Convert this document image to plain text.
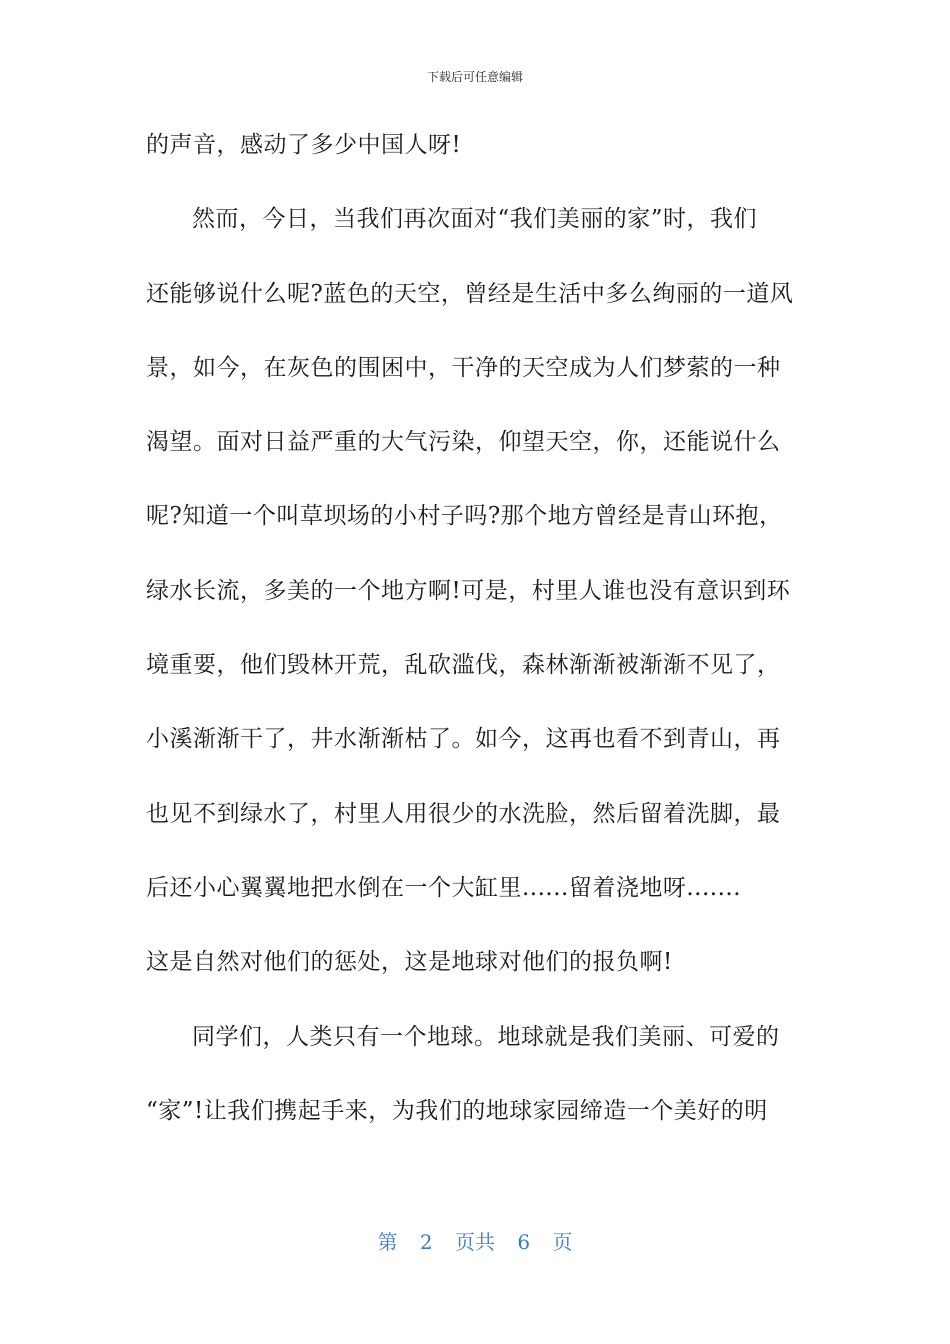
下载后可任意编辑
的声音，感动了多少中国人呀!
然而，今日，当我们再次面对“我们美丽的家”时，我们
还能够说什么呢?蓝色的天空，曾经是生活中多么绚丽的一道风
景，如今，在灰色的围困中，干净的天空成为人们梦萦的一种
渴望。面对日益严重的大气污染，仰望天空，你，还能说什么
呢?知道一个叫草坝场的小村子吗?那个地方曾经是青山环抱，
绿水长流，多美的一个地方啊!可是，村里人谁也没有意识到环
境重要，他们毁林开荒，乱砍滥伐，森林渐渐被渐渐不见了，
小溪渐渐干了，井水渐渐枯了。如今，这再也看不到青山，再
也见不到绿水了，村里人用很少的水洗脸，然后留着洗脚，最
后还小心翼翼地把水倒在一个大缸里......留着浇地呀.......
这是自然对他们的惩处，这是地球对他们的报负啊!
同学们，人类只有一个地球。地球就是我们美丽、可爱的
“家”!让我们携起手来，为我们的地球家园缔造一个美好的明
第 2 页共 6 页
